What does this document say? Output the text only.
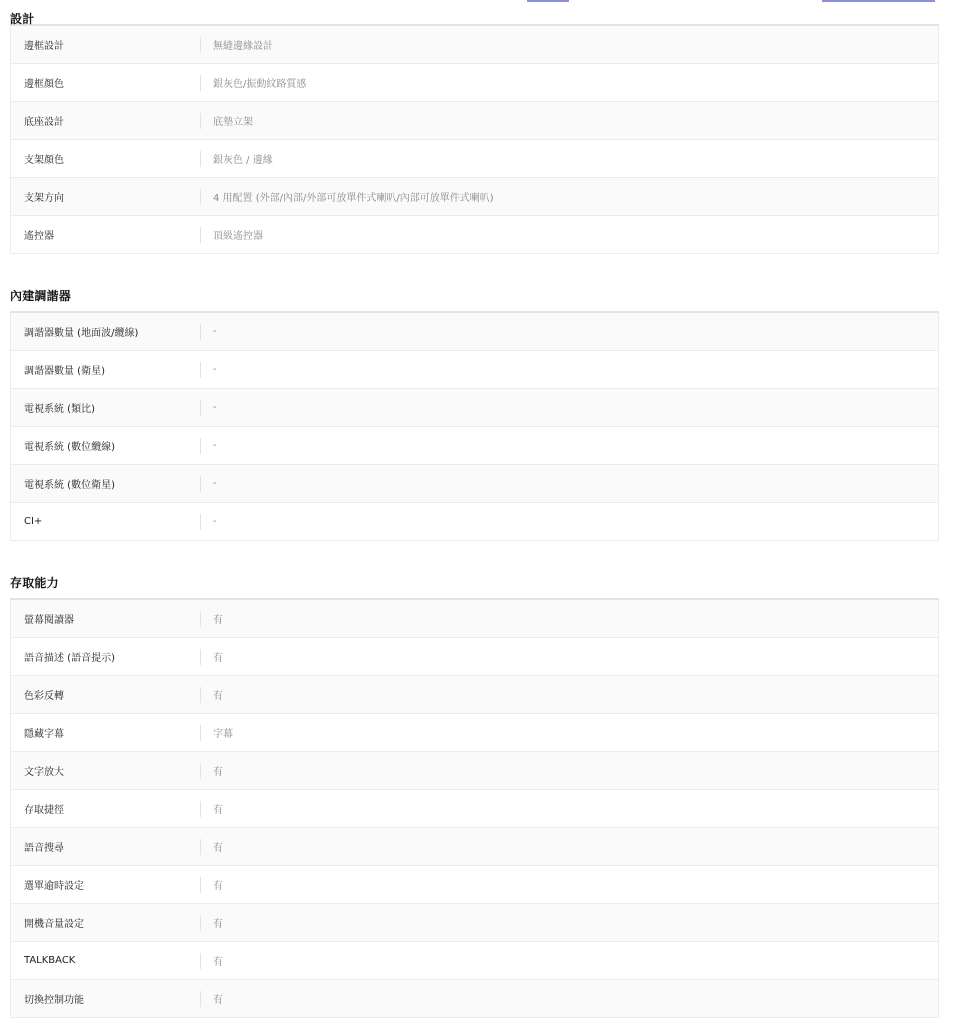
設計
邊框設計	無縫邊緣設計
邊框顏色	銀灰色/振動紋路質感
底座設計	底墊立架
支架顏色	銀灰色 / 邊緣
支架方向	4 用配置 (外部/內部/外部可放單件式喇叭/內部可放單件式喇叭)
遙控器	頂級遙控器
內建調諧器
調諧器數量 (地面波/纜線)	-
調諧器數量 (衛星)	-
電視系統 (類比)	-
電視系統 (數位纜線)	-
電視系統 (數位衛星)	-
CI+	-
存取能力
螢幕閱讀器	有
語音描述 (語音提示)	有
色彩反轉	有
隱藏字幕	字幕
文字放大	有
存取捷徑	有
語音搜尋	有
選單逾時設定	有
開機音量設定	有
TALKBACK	有
切換控制功能	有
